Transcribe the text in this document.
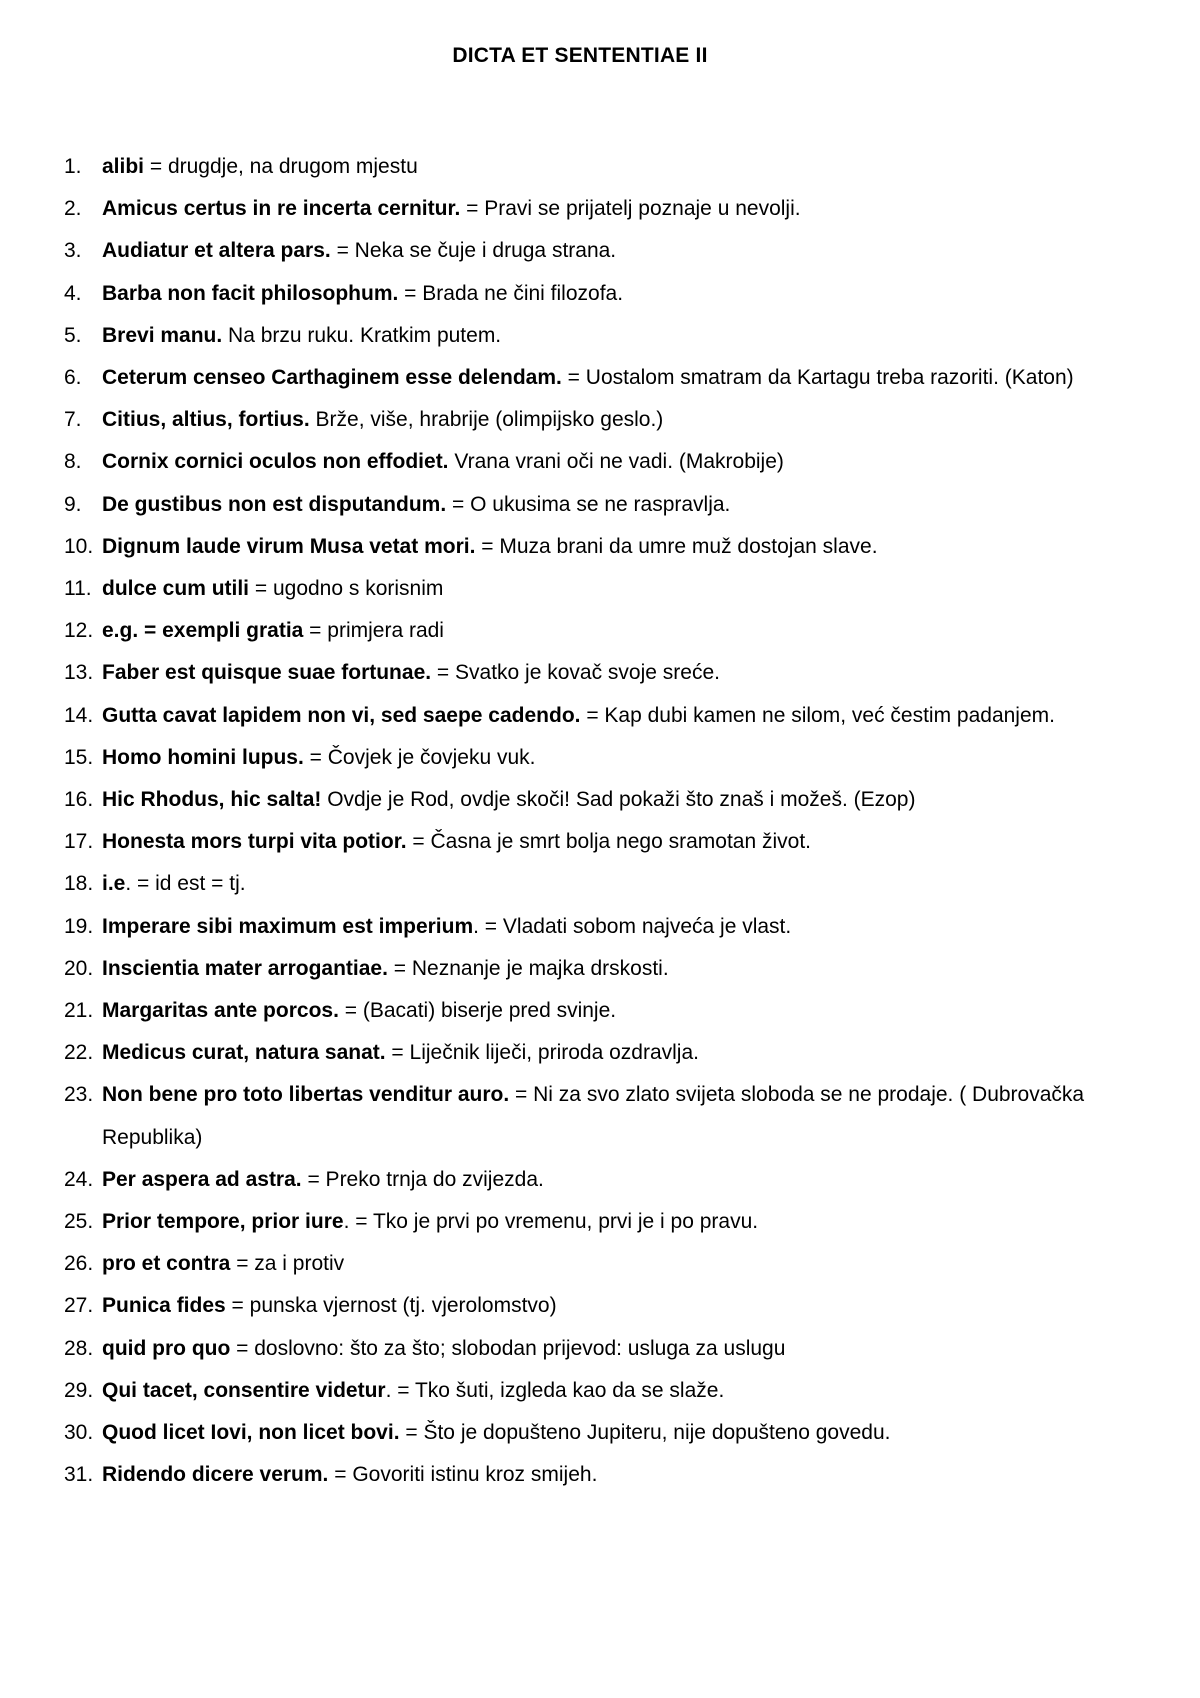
DICTA ET SENTENTIAE II
1. alibi = drugdje, na drugom mjestu
2. Amicus certus in re incerta cernitur. = Pravi se prijatelj poznaje u nevolji.
3. Audiatur et altera pars. = Neka se čuje i druga strana.
4. Barba non facit philosophum. = Brada ne čini filozofa.
5. Brevi manu. Na brzu ruku. Kratkim putem.
6. Ceterum censeo Carthaginem esse delendam. = Uostalom smatram da Kartagu treba razoriti. (Katon)
7. Citius, altius, fortius. Brže, više, hrabrije (olimpijsko geslo.)
8. Cornix cornici oculos non effodiet. Vrana vrani oči ne vadi. (Makrobije)
9. De gustibus non est disputandum. = O ukusima se ne raspravlja.
10. Dignum laude virum Musa vetat mori. = Muza brani da umre muž dostojan slave.
11. dulce cum utili = ugodno s korisnim
12. e.g. = exempli gratia = primjera radi
13. Faber est quisque suae fortunae. = Svatko je kovač svoje sreće.
14. Gutta cavat lapidem non vi, sed saepe cadendo. = Kap dubi kamen ne silom, već čestim padanjem.
15. Homo homini lupus. = Čovjek je čovjeku vuk.
16. Hic Rhodus, hic salta! Ovdje je Rod, ovdje skoči! Sad pokaži što znaš i možeš. (Ezop)
17. Honesta mors turpi vita potior. = Časna je smrt bolja nego sramotan život.
18. i.e. = id est = tj.
19. Imperare sibi maximum est imperium. = Vladati sobom najveća je vlast.
20. Inscientia mater arrogantiae. = Neznanje je majka drskosti.
21. Margaritas ante porcos. = (Bacati) biserje pred svinje.
22. Medicus curat, natura sanat. = Liječnik liječi, priroda ozdravlja.
23. Non bene pro toto libertas venditur auro. = Ni za svo zlato svijeta sloboda se ne prodaje. ( Dubrovačka Republika)
24. Per aspera ad astra. = Preko trnja do zvijezda.
25. Prior tempore, prior iure. = Tko je prvi po vremenu, prvi je i po pravu.
26. pro et contra = za i protiv
27. Punica fides = punska vjernost (tj. vjerolomstvo)
28. quid pro quo = doslovno: što za što; slobodan prijevod: usluga za uslugu
29. Qui tacet, consentire videtur. = Tko šuti, izgleda kao da se slaže.
30. Quod licet Iovi, non licet bovi. = Što je dopušteno Jupiteru, nije dopušteno govedu.
31. Ridendo dicere verum. = Govoriti istinu kroz smijeh.
